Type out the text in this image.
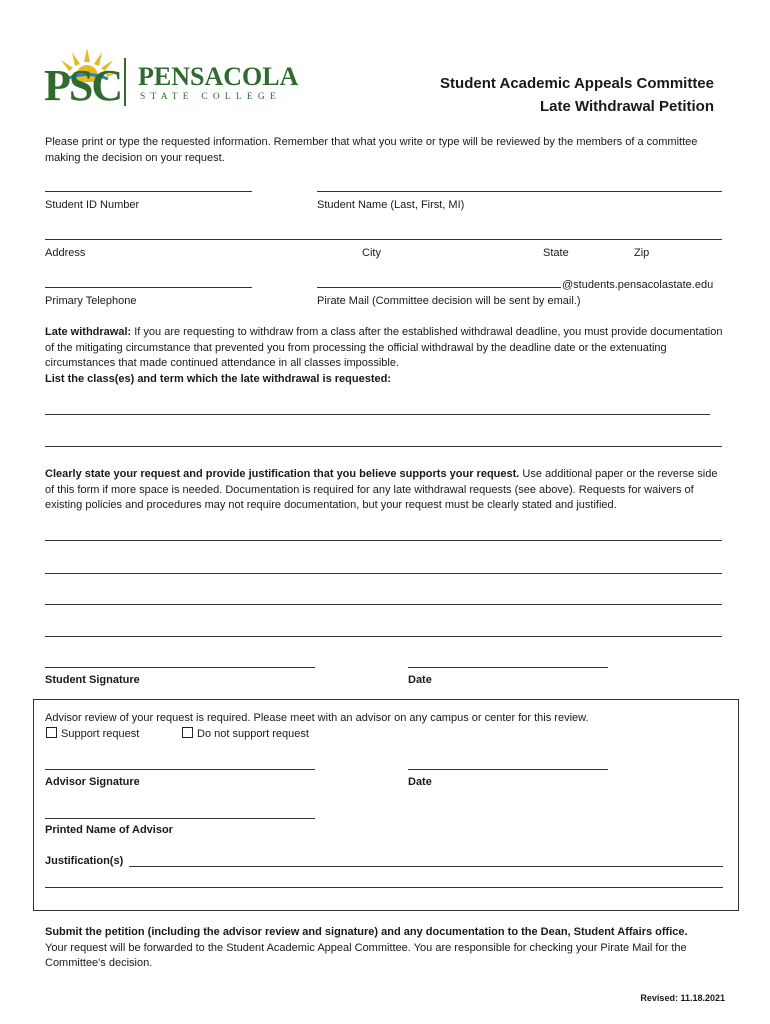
PSC PENSACOLA
STATE COLLEGE
Student Academic Appeals Committee
Late Withdrawal Petition
Please print or type the requested information. Remember that what you write or type will be reviewed by the members of a committee making the decision on your request.
Student ID Number	Student Name (Last, First, MI)
Address	City	State	Zip
@students.pensacolastate.edu
Primary Telephone	Pirate Mail (Committee decision will be sent by email.)
Late withdrawal: If you are requesting to withdraw from a class after the established withdrawal deadline, you must provide documentation of the mitigating circumstance that prevented you from processing the official withdrawal by the deadline date or the extenuating circumstances that made continued attendance in all classes impossible.
List the class(es) and term which the late withdrawal is requested:
Clearly state your request and provide justification that you believe supports your request. Use additional paper or the reverse side of this form if more space is needed. Documentation is required for any late withdrawal requests (see above). Requests for waivers of existing policies and procedures may not require documentation, but your request must be clearly stated and justified.
Student Signature	Date
Advisor review of your request is required. Please meet with an advisor on any campus or center for this review.
Support request	Do not support request
Advisor Signature	Date
Printed Name of Advisor
Justification(s)
Submit the petition (including the advisor review and signature) and any documentation to the Dean, Student Affairs office.
Your request will be forwarded to the Student Academic Appeal Committee. You are responsible for checking your Pirate Mail for the Committee's decision.
Revised: 11.18.2021
